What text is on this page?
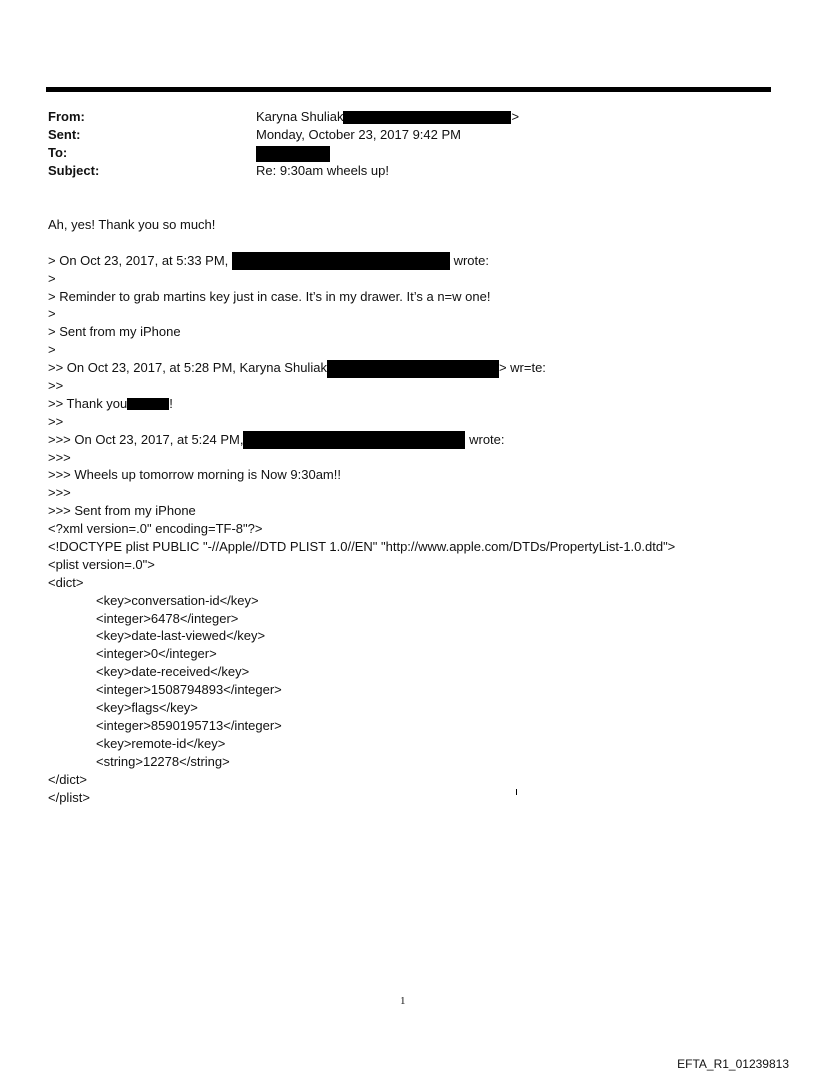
From:	Karyna Shuliak	>
Sent:	Monday, October 23, 2017 9:42 PM
To:
Subject:	Re: 9:30am wheels up!
Ah, yes! Thank you so much!
> On Oct 23, 2017, at 5:33 PM,	wrote:
>
> Reminder to grab martins key just in case. It’s in my drawer. It’s a n=w one!
>
> Sent from my iPhone
>
>> On Oct 23, 2017, at 5:28 PM, Karyna Shuliak	> wr=te:
>>
>> Thank you	!
>>
>>> On Oct 23, 2017, at 5:24 PM,	wrote:
>>>
>>> Wheels up tomorrow morning is Now 9:30am!!
>>>
>>> Sent from my iPhone
<?xml version=.0" encoding=TF-8"?>
<!DOCTYPE plist PUBLIC "-//Apple//DTD PLIST 1.0//EN" "http://www.apple.com/DTDs/PropertyList-1.0.dtd">
<plist version=.0">
<dict>
<key>conversation-id</key>
<integer>6478</integer>
<key>date-last-viewed</key>
<integer>0</integer>
<key>date-received</key>
<integer>1508794893</integer>
<key>flags</key>
<integer>8590195713</integer>
<key>remote-id</key>
<string>12278</string>
</dict>
</plist>
1
EFTA_R1_01239813
